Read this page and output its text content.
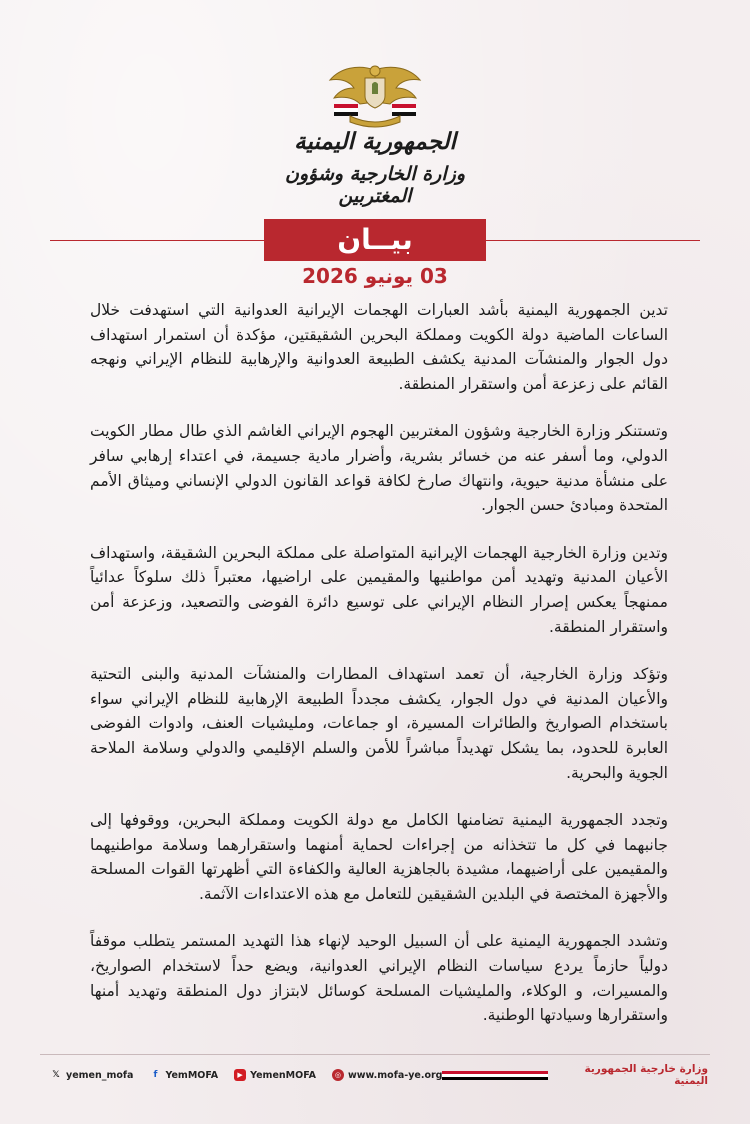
الجمهورية اليمنية
وزارة الخارجية وشؤون المغتربين
بيــان
03 يونيو 2026

تدين الجمهورية اليمنية بأشد العبارات الهجمات الإيرانية العدوانية التي استهدفت خلال الساعات الماضية دولة الكويت ومملكة البحرين الشقيقتين، مؤكدة أن استمرار استهداف دول الجوار والمنشآت المدنية يكشف الطبيعة العدوانية والإرهابية للنظام الإيراني ونهجه القائم على زعزعة أمن واستقرار المنطقة.

وتستنكر وزارة الخارجية وشؤون المغتربين الهجوم الإيراني الغاشم الذي طال مطار الكويت الدولي، وما أسفر عنه من خسائر بشرية، وأضرار مادية جسيمة، في اعتداء إرهابي سافر على منشأة مدنية حيوية، وانتهاك صارخ لكافة قواعد القانون الدولي الإنساني وميثاق الأمم المتحدة ومبادئ حسن الجوار.

وتدين وزارة الخارجية الهجمات الإيرانية المتواصلة على مملكة البحرين الشقيقة، واستهداف الأعيان المدنية وتهديد أمن مواطنيها والمقيمين على اراضيها، معتبراً ذلك سلوكاً عدائياً ممنهجاً يعكس إصرار النظام الإيراني على توسيع دائرة الفوضى والتصعيد، وزعزعة أمن واستقرار المنطقة.

وتؤكد وزارة الخارجية، أن تعمد استهداف المطارات والمنشآت المدنية والبنى التحتية والأعيان المدنية في دول الجوار، يكشف مجدداً الطبيعة الإرهابية للنظام الإيراني سواء باستخدام الصواريخ والطائرات المسيرة، او جماعات، ومليشيات العنف، وادوات الفوضى العابرة للحدود، بما يشكل تهديداً مباشراً للأمن والسلم الإقليمي والدولي وسلامة الملاحة الجوية والبحرية.

وتجدد الجمهورية اليمنية تضامنها الكامل مع دولة الكويت ومملكة البحرين، ووقوفها إلى جانبهما في كل ما تتخذانه من إجراءات لحماية أمنهما واستقرارهما وسلامة مواطنيهما والمقيمين على أراضيهما، مشيدة بالجاهزية العالية والكفاءة التي أظهرتها القوات المسلحة والأجهزة المختصة في البلدين الشقيقين للتعامل مع هذه الاعتداءات الآثمة.

وتشدد الجمهورية اليمنية على أن السبيل الوحيد لإنهاء هذا التهديد المستمر يتطلب موقفاً دولياً حازماً يردع سياسات النظام الإيراني العدوانية، ويضع حداً لاستخدام الصواريخ، والمسيرات، و الوكلاء، والمليشيات المسلحة كوسائل لابتزاز دول المنطقة وتهديد أمنها واستقرارها وسيادتها الوطنية.

𝕏 yemen_mofa	f YemMOFA	▶ YemenMOFA	◎ www.mofa-ye.org	وزارة خارجية الجمهورية اليمنية
